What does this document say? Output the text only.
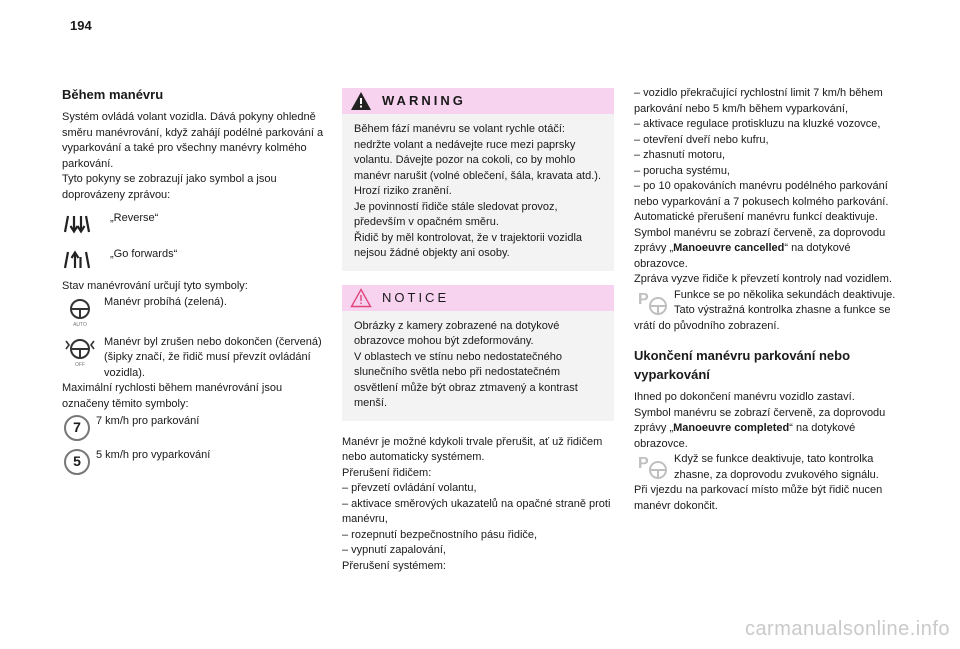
194
Během manévru

Systém ovládá volant vozidla. Dává pokyny ohledně směru manévrování, když zahájí podélné parkování a vyparkování a také pro všechny manévry kolmého parkování.

Tyto pokyny se zobrazují jako symbol a jsou doprovázeny zprávou:

„Reverse“
„Go forwards“

Stav manévrování určují tyto symboly:

AUTO

Manévr probíhá (zelená).

OFF

Manévr byl zrušen nebo dokončen (červená) (šipky značí, že řidič musí převzít ovládání vozidla).

Maximální rychlosti během manévrování jsou označeny těmito symboly:

7 7 km/h pro parkování
5 5 km/h pro vyparkování
WARNING

Během fází manévru se volant rychle otáčí: nedržte volant a nedávejte ruce mezi paprsky volantu. Dávejte pozor na cokoli, co by mohlo manévr narušit (volné oblečení, šála, kravata atd.). Hrozí riziko zranění.

Je povinností řidiče stále sledovat provoz, především v opačném směru.

Řidič by měl kontrolovat, že v trajektorii vozidla nejsou žádné objekty ani osoby.

NOTICE

Obrázky z kamery zobrazené na dotykové obrazovce mohou být zdeformovány.

V oblastech ve stínu nebo nedostatečného slunečního světla nebo při nedostatečném osvětlení může být obraz ztmavený a kontrast menší.

Manévr je možné kdykoli trvale přerušit, ať už řidičem nebo automaticky systémem.

Přerušení řidičem:

– převzetí ovládání volantu,

– aktivace směrových ukazatelů na opačné straně proti manévru,

– rozepnutí bezpečnostního pásu řidiče,

– vypnutí zapalování,

Přerušení systémem:

– vozidlo překračující rychlostní limit 7 km/h během parkování nebo 5 km/h během vyparkování,

– aktivace regulace protiskluzu na kluzké vozovce,

– otevření dveří nebo kufru,

– zhasnutí motoru,

– porucha systému,

– po 10 opakováních manévru podélného parkování nebo vyparkování a 7 pokusech kolmého parkování.

Automatické přerušení manévru funkcí deaktivuje.

Symbol manévru se zobrazí červeně, za doprovodu zprávy „Manoeuvre cancelled“ na dotykové obrazovce.

Zpráva vyzve řidiče k převzetí kontroly nad vozidlem.

P	Funkce se po několika sekundách deaktivuje. Tato výstražná kontrolka zhasne a funkce se vrátí do původního zobrazení.

Ukončení manévru parkování nebo vyparkování

Ihned po dokončení manévru vozidlo zastaví.

Symbol manévru se zobrazí červeně, za doprovodu zprávy „Manoeuvre completed“ na dotykové obrazovce.

P	Když se funkce deaktivuje, tato kontrolka zhasne, za doprovodu zvukového signálu.

Při vjezdu na parkovací místo může být řidič nucen manévr dokončit.

carmanualsonline.info
